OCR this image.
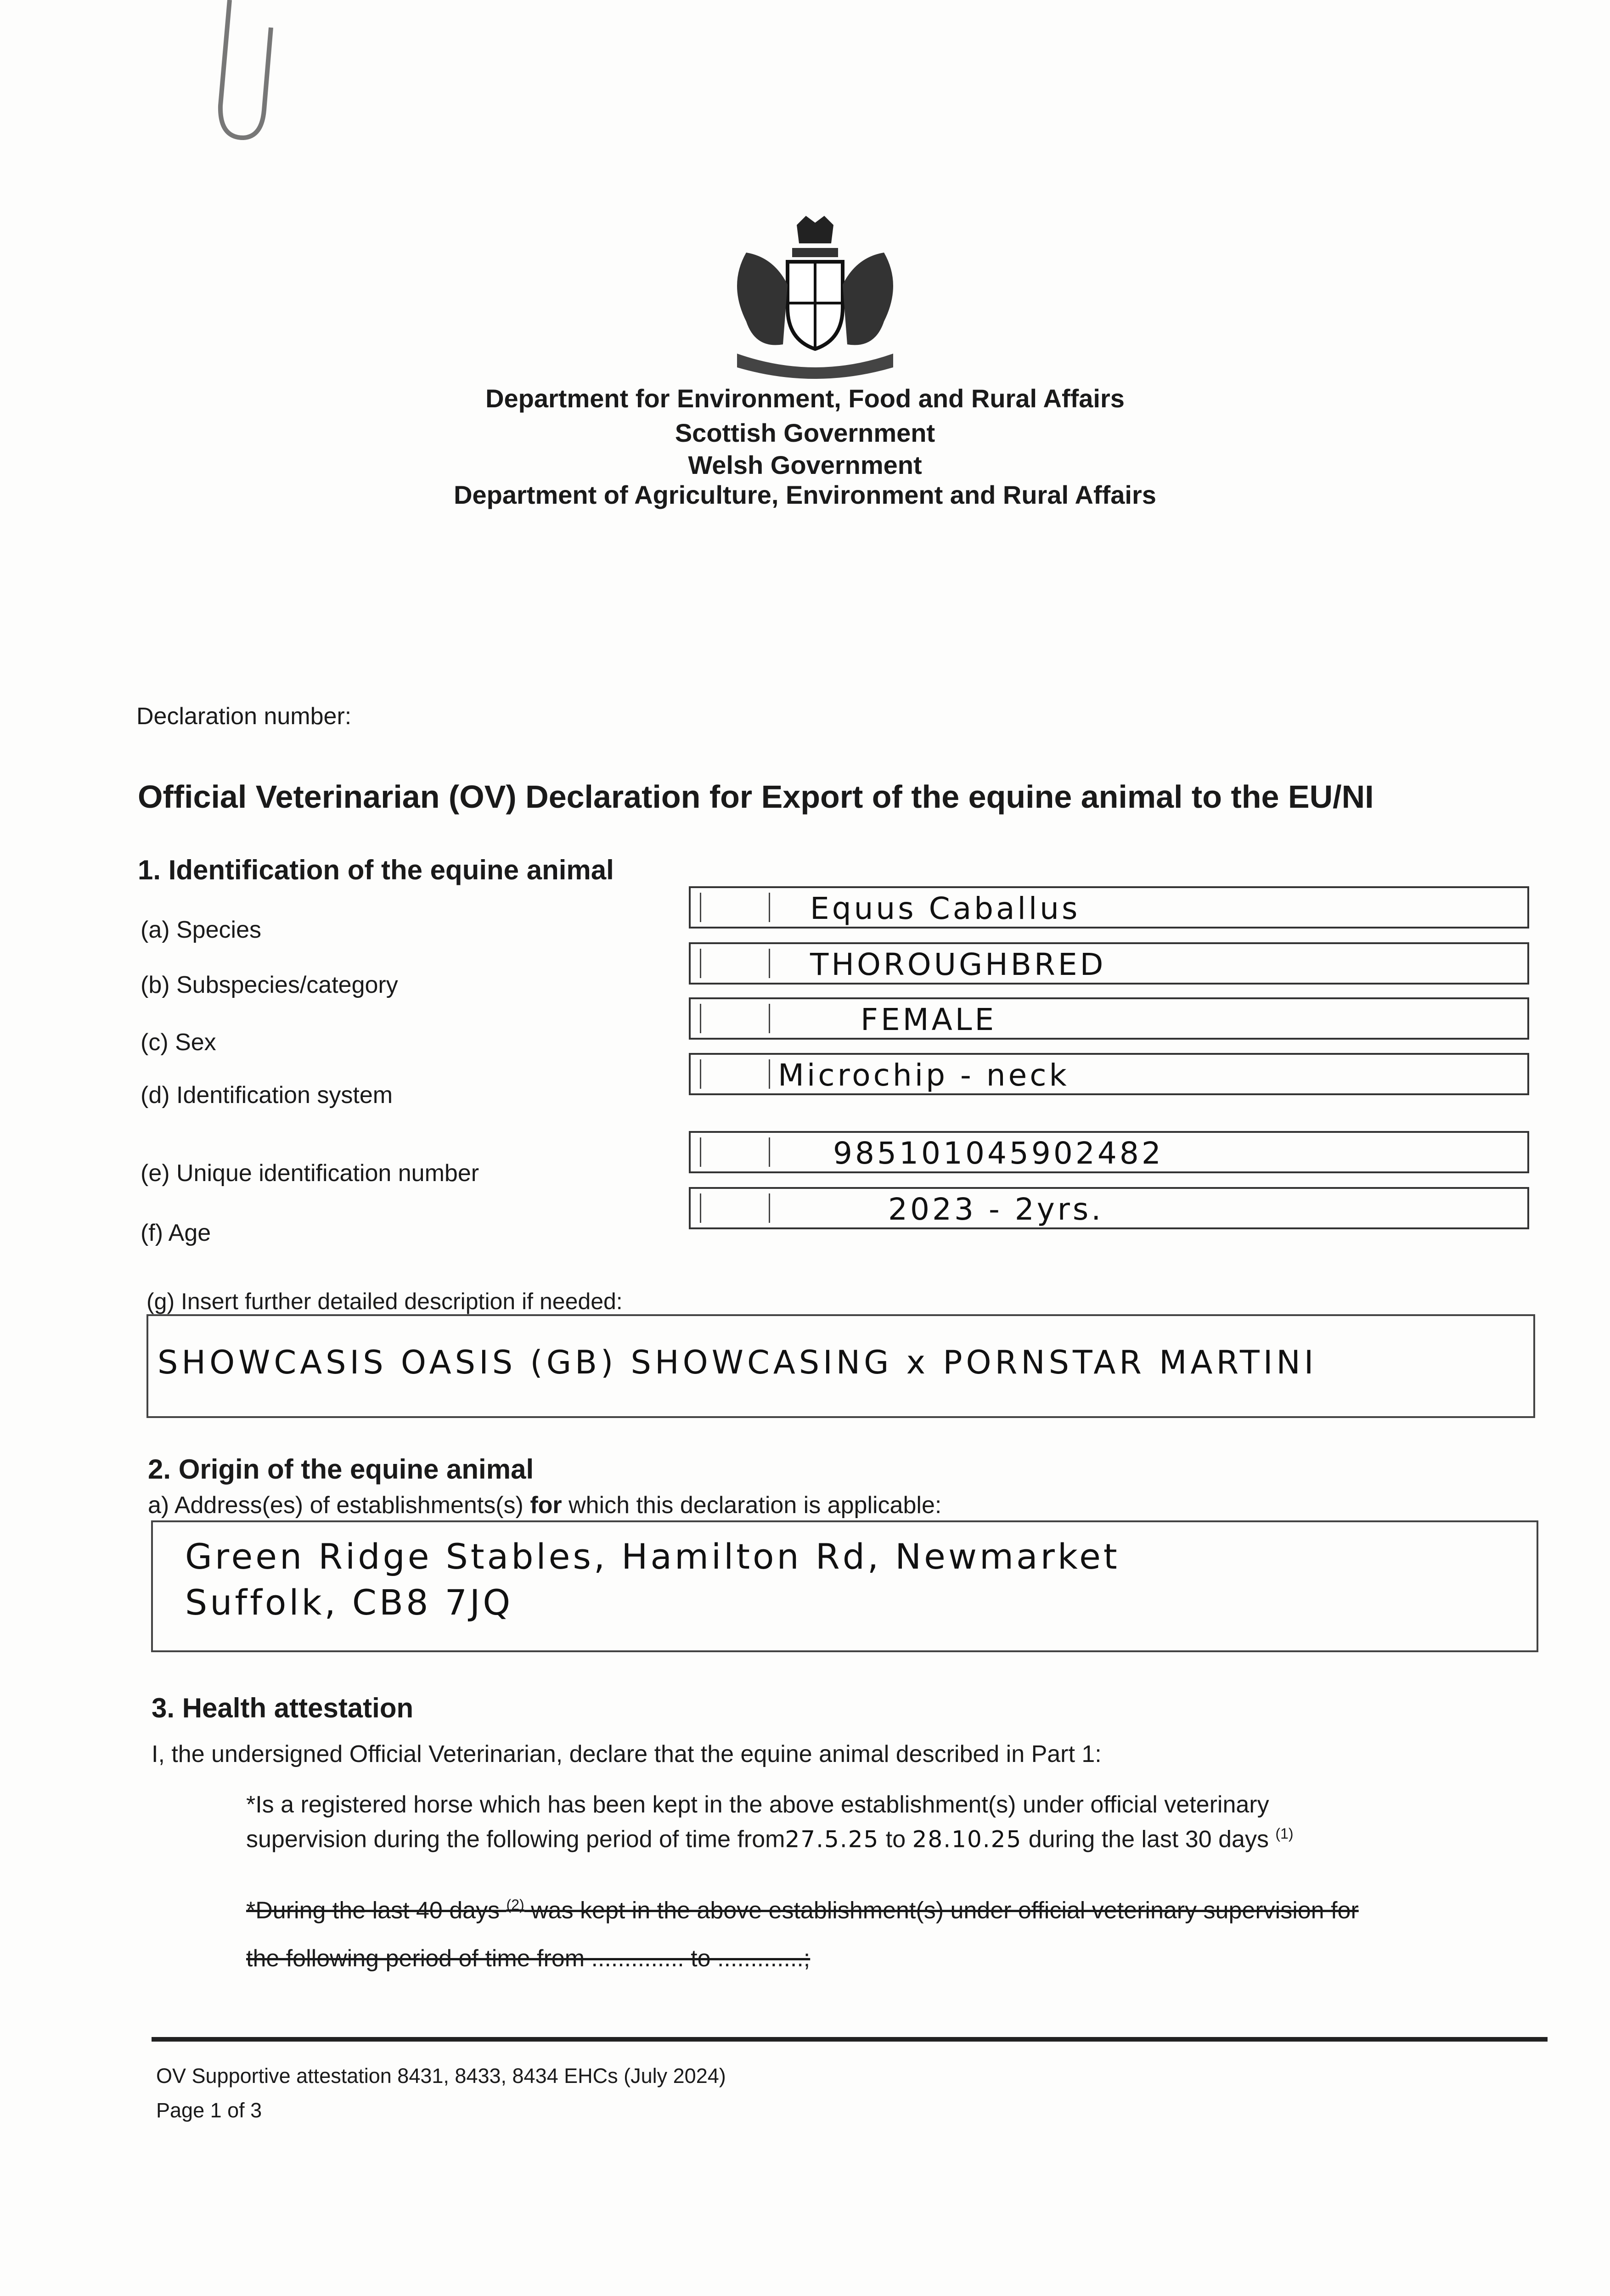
Department for Environment, Food and Rural Affairs
Scottish Government
Welsh Government
Department of Agriculture, Environment and Rural Affairs
Declaration number:
Official Veterinarian (OV) Declaration for Export of the equine animal to the EU/NI
1. Identification of the equine animal
(a) Species
(b) Subspecies/category
(c) Sex
(d) Identification system
(e) Unique identification number
(f) Age
Equus Caballus
THOROUGHBRED
FEMALE
Microchip - neck
985101045902482
2023 - 2yrs.
(g) Insert further detailed description if needed:
SHOWCASIS OASIS (GB) SHOWCASING x PORNSTAR MARTINI
2. Origin of the equine animal
a) Address(es) of establishments(s) for which this declaration is applicable:
Green Ridge Stables, Hamilton Rd, Newmarket
Suffolk, CB8 7JQ
3. Health attestation
I, the undersigned Official Veterinarian, declare that the equine animal described in Part 1:
*Is a registered horse which has been kept in the above establishment(s) under official veterinary
supervision during the following period of time from27.5.25 to 28.10.25 during the last 30 days $^{(1)}$
*During the last 40 days $^{(2)}$ was kept in the above establishment(s) under official veterinary supervision for
the following period of time from .............. to .............;
OV Supportive attestation 8431, 8433, 8434 EHCs (July 2024)
Page 1 of 3
